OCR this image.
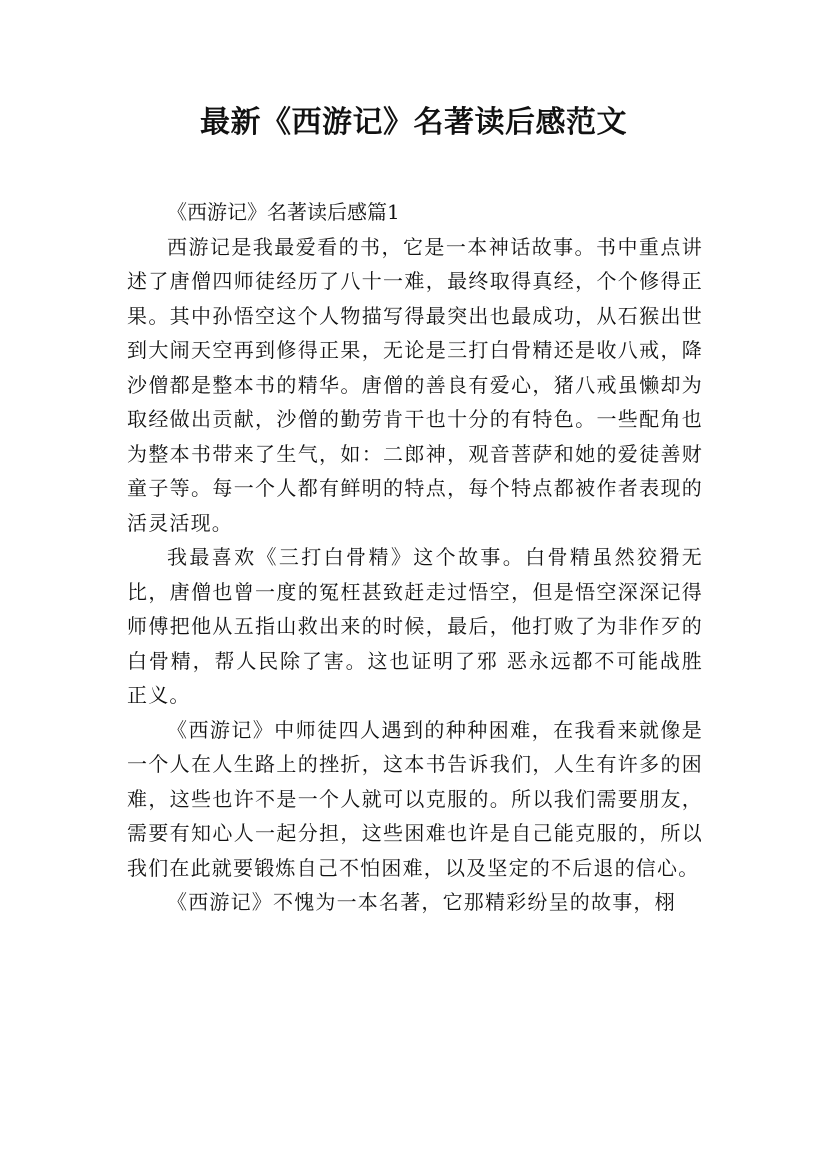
最新《西游记》名著读后感范文
《西游记》名著读后感篇1

西游记是我最爱看的书，它是一本神话故事。书中重点讲述了唐僧四师徒经历了八十一难，最终取得真经，个个修得正果。其中孙悟空这个人物描写得最突出也最成功，从石猴出世到大闹天空再到修得正果，无论是三打白骨精还是收八戒，降沙僧都是整本书的精华。唐僧的善良有爱心，猪八戒虽懒却为取经做出贡献，沙僧的勤劳肯干也十分的有特色。一些配角也为整本书带来了生气，如：二郎神，观音菩萨和她的爱徒善财童子等。每一个人都有鲜明的特点，每个特点都被作者表现的活灵活现。

我最喜欢《三打白骨精》这个故事。白骨精虽然狡猾无比，唐僧也曾一度的冤枉甚致赶走过悟空，但是悟空深深记得师傅把他从五指山救出来的时候，最后，他打败了为非作歹的白骨精，帮人民除了害。这也证明了邪 恶永远都不可能战胜正义。

《西游记》中师徒四人遇到的种种困难，在我看来就像是一个人在人生路上的挫折，这本书告诉我们，人生有许多的困难，这些也许不是一个人就可以克服的。所以我们需要朋友，需要有知心人一起分担，这些困难也许是自己能克服的，所以我们在此就要锻炼自己不怕困难，以及坚定的不后退的信心。

《西游记》不愧为一本名著，它那精彩纷呈的故事，栩
